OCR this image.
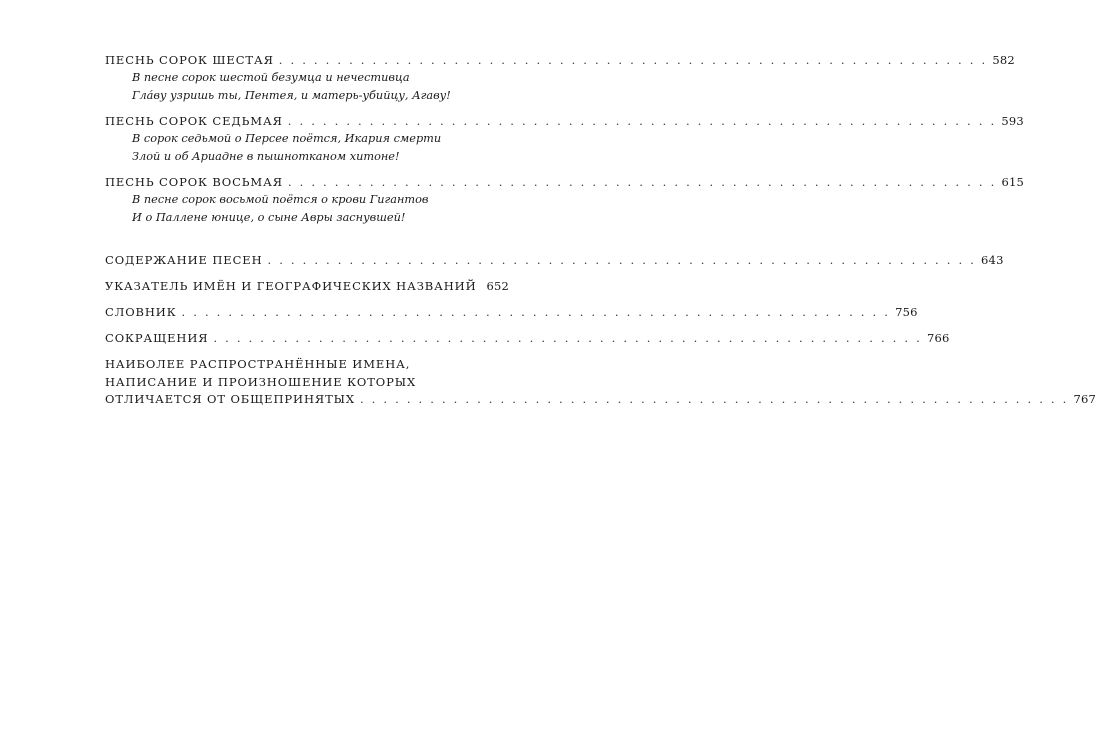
ПЕСНЬ СОРОК ШЕСТАЯ . . . . . . . . . . . . . . . . . . . . . . . . . . . . . . . . . . . . . . . . . . . . . . . . . . . . . . . . . . . . . 582
В песне сорок шестой безумца и нечестивца
Гла́ву узришь ты, Пентея, и матерь-убийцу, Агаву!
ПЕСНЬ СОРОК СЕДЬМАЯ . . . . . . . . . . . . . . . . . . . . . . . . . . . . . . . . . . . . . . . . . . . . . . . . . . . . . . . . . . . . . 593
В сорок седьмой о Персее поётся, Икария смерти
Злой и об Ариадне в пышнотканом хитоне!
ПЕСНЬ СОРОК ВОСЬМАЯ . . . . . . . . . . . . . . . . . . . . . . . . . . . . . . . . . . . . . . . . . . . . . . . . . . . . . . . . . . . . . 615
В песне сорок восьмой поётся о крови Гигантов
И о Паллене юнице, о сыне Авры заснувшей!
СОДЕРЖАНИЕ ПЕСЕН . . . . . . . . . . . . . . . . . . . . . . . . . . . . . . . . . . . . . . . . . . . . . . . . . . . . . . . . . . . . . 643
УКАЗАТЕЛЬ ИМЁН И ГЕОГРАФИЧЕСКИХ НАЗВАНИЙ 652
СЛОВНИК . . . . . . . . . . . . . . . . . . . . . . . . . . . . . . . . . . . . . . . . . . . . . . . . . . . . . . . . . . . . . 756
СОКРАЩЕНИЯ . . . . . . . . . . . . . . . . . . . . . . . . . . . . . . . . . . . . . . . . . . . . . . . . . . . . . . . . . . . . . 766
НАИБОЛЕЕ РАСПРОСТРАНЁННЫЕ ИМЕНА,
НАПИСАНИЕ И ПРОИЗНОШЕНИЕ КОТОРЫХ
ОТЛИЧАЕТСЯ ОТ ОБЩЕПРИНЯТЫХ . . . . . . . . . . . . . . . . . . . . . . . . . . . . . . . . . . . . . . . . . . . . . . . . . . . . . . . . . . . . . 767
